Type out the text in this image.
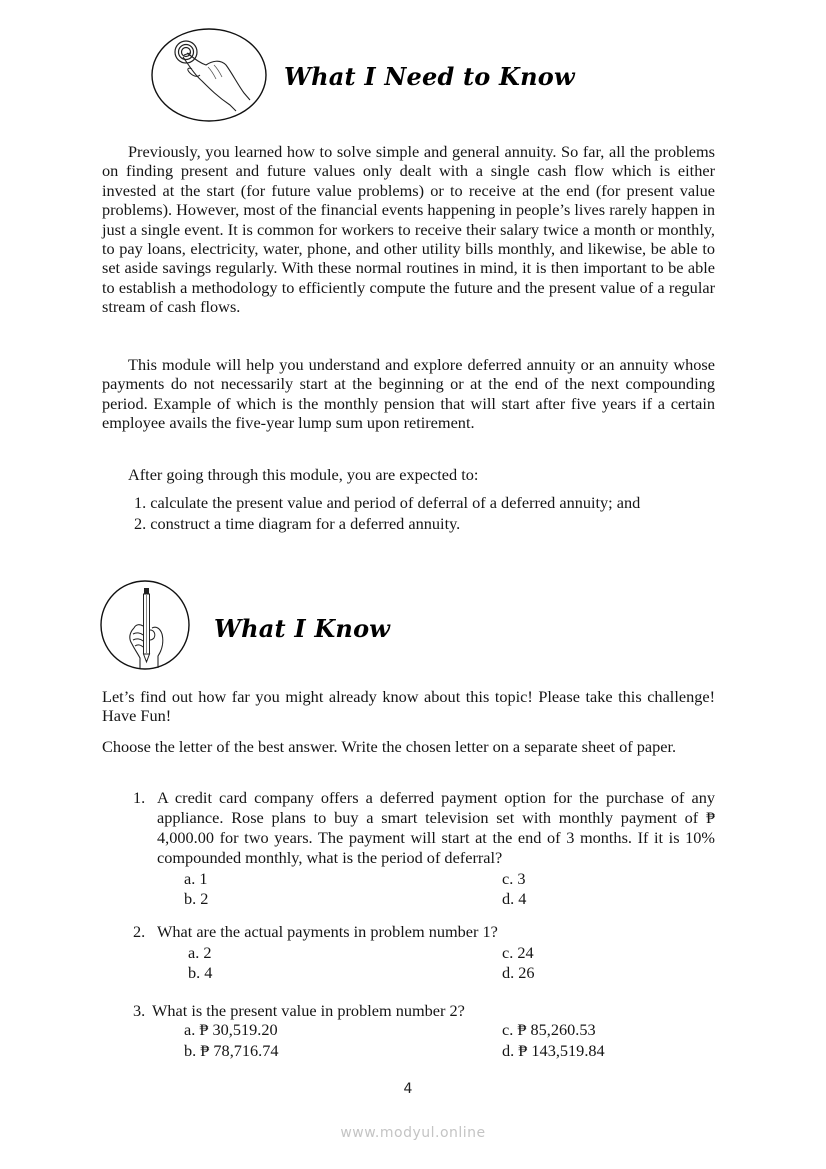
What I Need to Know
Previously, you learned how to solve simple and general annuity. So far, all the problems on finding present and future values only dealt with a single cash flow which is either invested at the start (for future value problems) or to receive at the end (for present value problems). However, most of the financial events happening in people’s lives rarely happen in just a single event. It is common for workers to receive their salary twice a month or monthly, to pay loans, electricity, water, phone, and other utility bills monthly, and likewise, be able to set aside savings regularly. With these normal routines in mind, it is then important to be able to establish a methodology to efficiently compute the future and the present value of a regular stream of cash flows.
This module will help you understand and explore deferred annuity or an annuity whose payments do not necessarily start at the beginning or at the end of the next compounding period. Example of which is the monthly pension that will start after five years if a certain employee avails the five-year lump sum upon retirement.
After going through this module, you are expected to:
1. calculate the present value and period of deferral of a deferred annuity; and
2. construct a time diagram for a deferred annuity.
What I Know
Let’s find out how far you might already know about this topic! Please take this challenge! Have Fun!
Choose the letter of the best answer. Write the chosen letter on a separate sheet of paper.
1. A credit card company offers a deferred payment option for the purchase of any appliance. Rose plans to buy a smart television set with monthly payment of ₱ 4,000.00 for two years. The payment will start at the end of 3 months. If it is 10% compounded monthly, what is the period of deferral?
a. 1	c. 3
b. 2	d. 4
2. What are the actual payments in problem number 1?
a. 2	c. 24
b. 4	d. 26
3. What is the present value in problem number 2?
a. ₱ 30,519.20	c. ₱ 85,260.53
b. ₱ 78,716.74	d. ₱ 143,519.84
4
www.modyul.online
